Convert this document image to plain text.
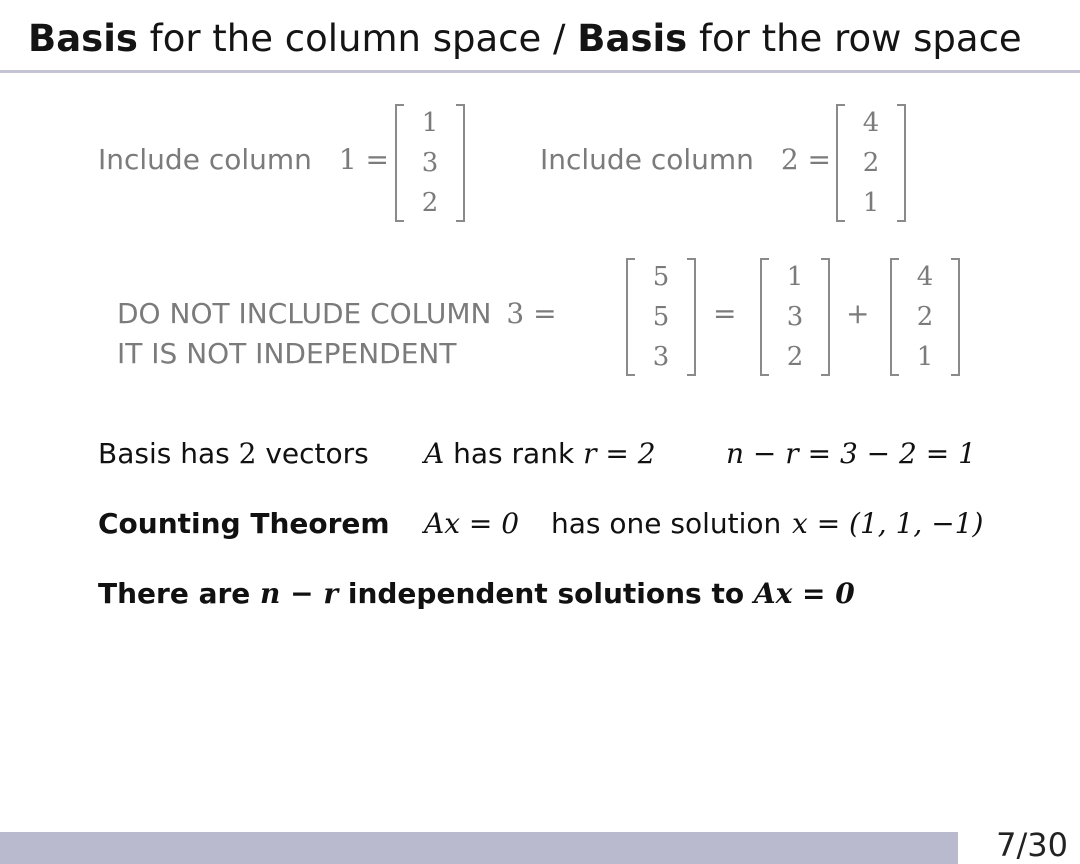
Basis for the column space / Basis for the row space
Include column 1 =
1
3
2
Include column 2 =
4
2
1
DO NOT INCLUDE COLUMN 3 =
IT IS NOT INDEPENDENT
5
5
3
=
1
3
2
+
4
2
1
Basis has 2 vectors A has rank r = 2	n − r = 3 − 2 = 1
Counting Theorem Ax = 0 has one solution x = (1, 1, −1)
There are n − r independent solutions to Ax = 0
7/30
